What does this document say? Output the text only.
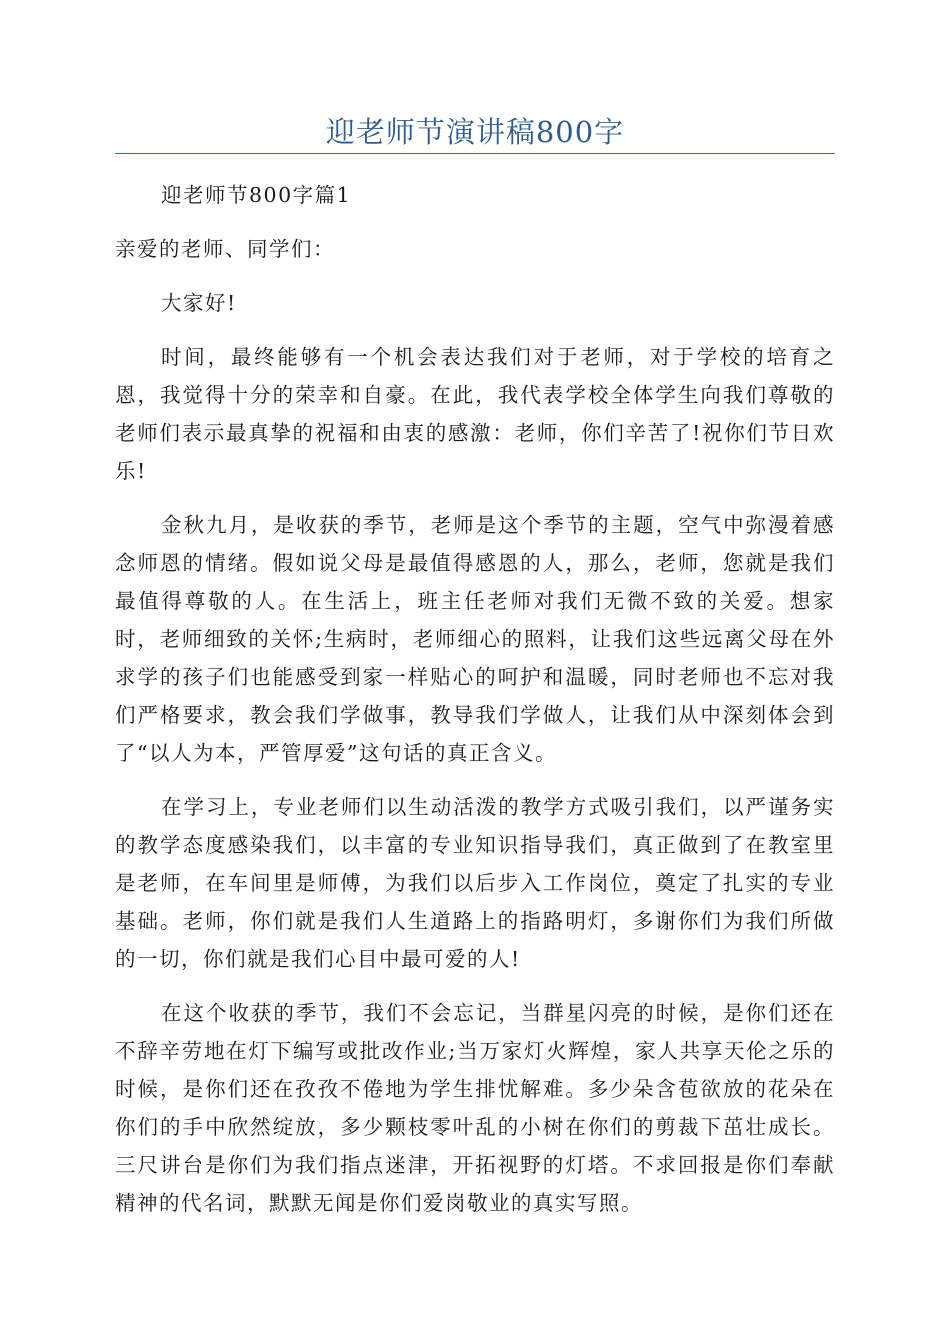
迎老师节演讲稿800字

迎老师节800字篇1

亲爱的老师、同学们：

大家好!

时间，最终能够有一个机会表达我们对于老师，对于学校的培育之恩，我觉得十分的荣幸和自豪。在此，我代表学校全体学生向我们尊敬的老师们表示最真挚的祝福和由衷的感激：老师，你们辛苦了!祝你们节日欢乐!

金秋九月，是收获的季节，老师是这个季节的主题，空气中弥漫着感念师恩的情绪。假如说父母是最值得感恩的人，那么，老师，您就是我们最值得尊敬的人。在生活上，班主任老师对我们无微不致的关爱。想家时，老师细致的关怀;生病时，老师细心的照料，让我们这些远离父母在外求学的孩子们也能感受到家一样贴心的呵护和温暖，同时老师也不忘对我们严格要求，教会我们学做事，教导我们学做人，让我们从中深刻体会到了“以人为本，严管厚爱”这句话的真正含义。

在学习上，专业老师们以生动活泼的教学方式吸引我们，以严谨务实的教学态度感染我们，以丰富的专业知识指导我们，真正做到了在教室里是老师，在车间里是师傅，为我们以后步入工作岗位，奠定了扎实的专业基础。老师，你们就是我们人生道路上的指路明灯，多谢你们为我们所做的一切，你们就是我们心目中最可爱的人!

在这个收获的季节，我们不会忘记，当群星闪亮的时候，是你们还在不辞辛劳地在灯下编写或批改作业;当万家灯火辉煌，家人共享天伦之乐的时候，是你们还在孜孜不倦地为学生排忧解难。多少朵含苞欲放的花朵在你们的手中欣然绽放，多少颗枝零叶乱的小树在你们的剪裁下茁壮成长。三尺讲台是你们为我们指点迷津，开拓视野的灯塔。不求回报是你们奉献精神的代名词，默默无闻是你们爱岗敬业的真实写照。
